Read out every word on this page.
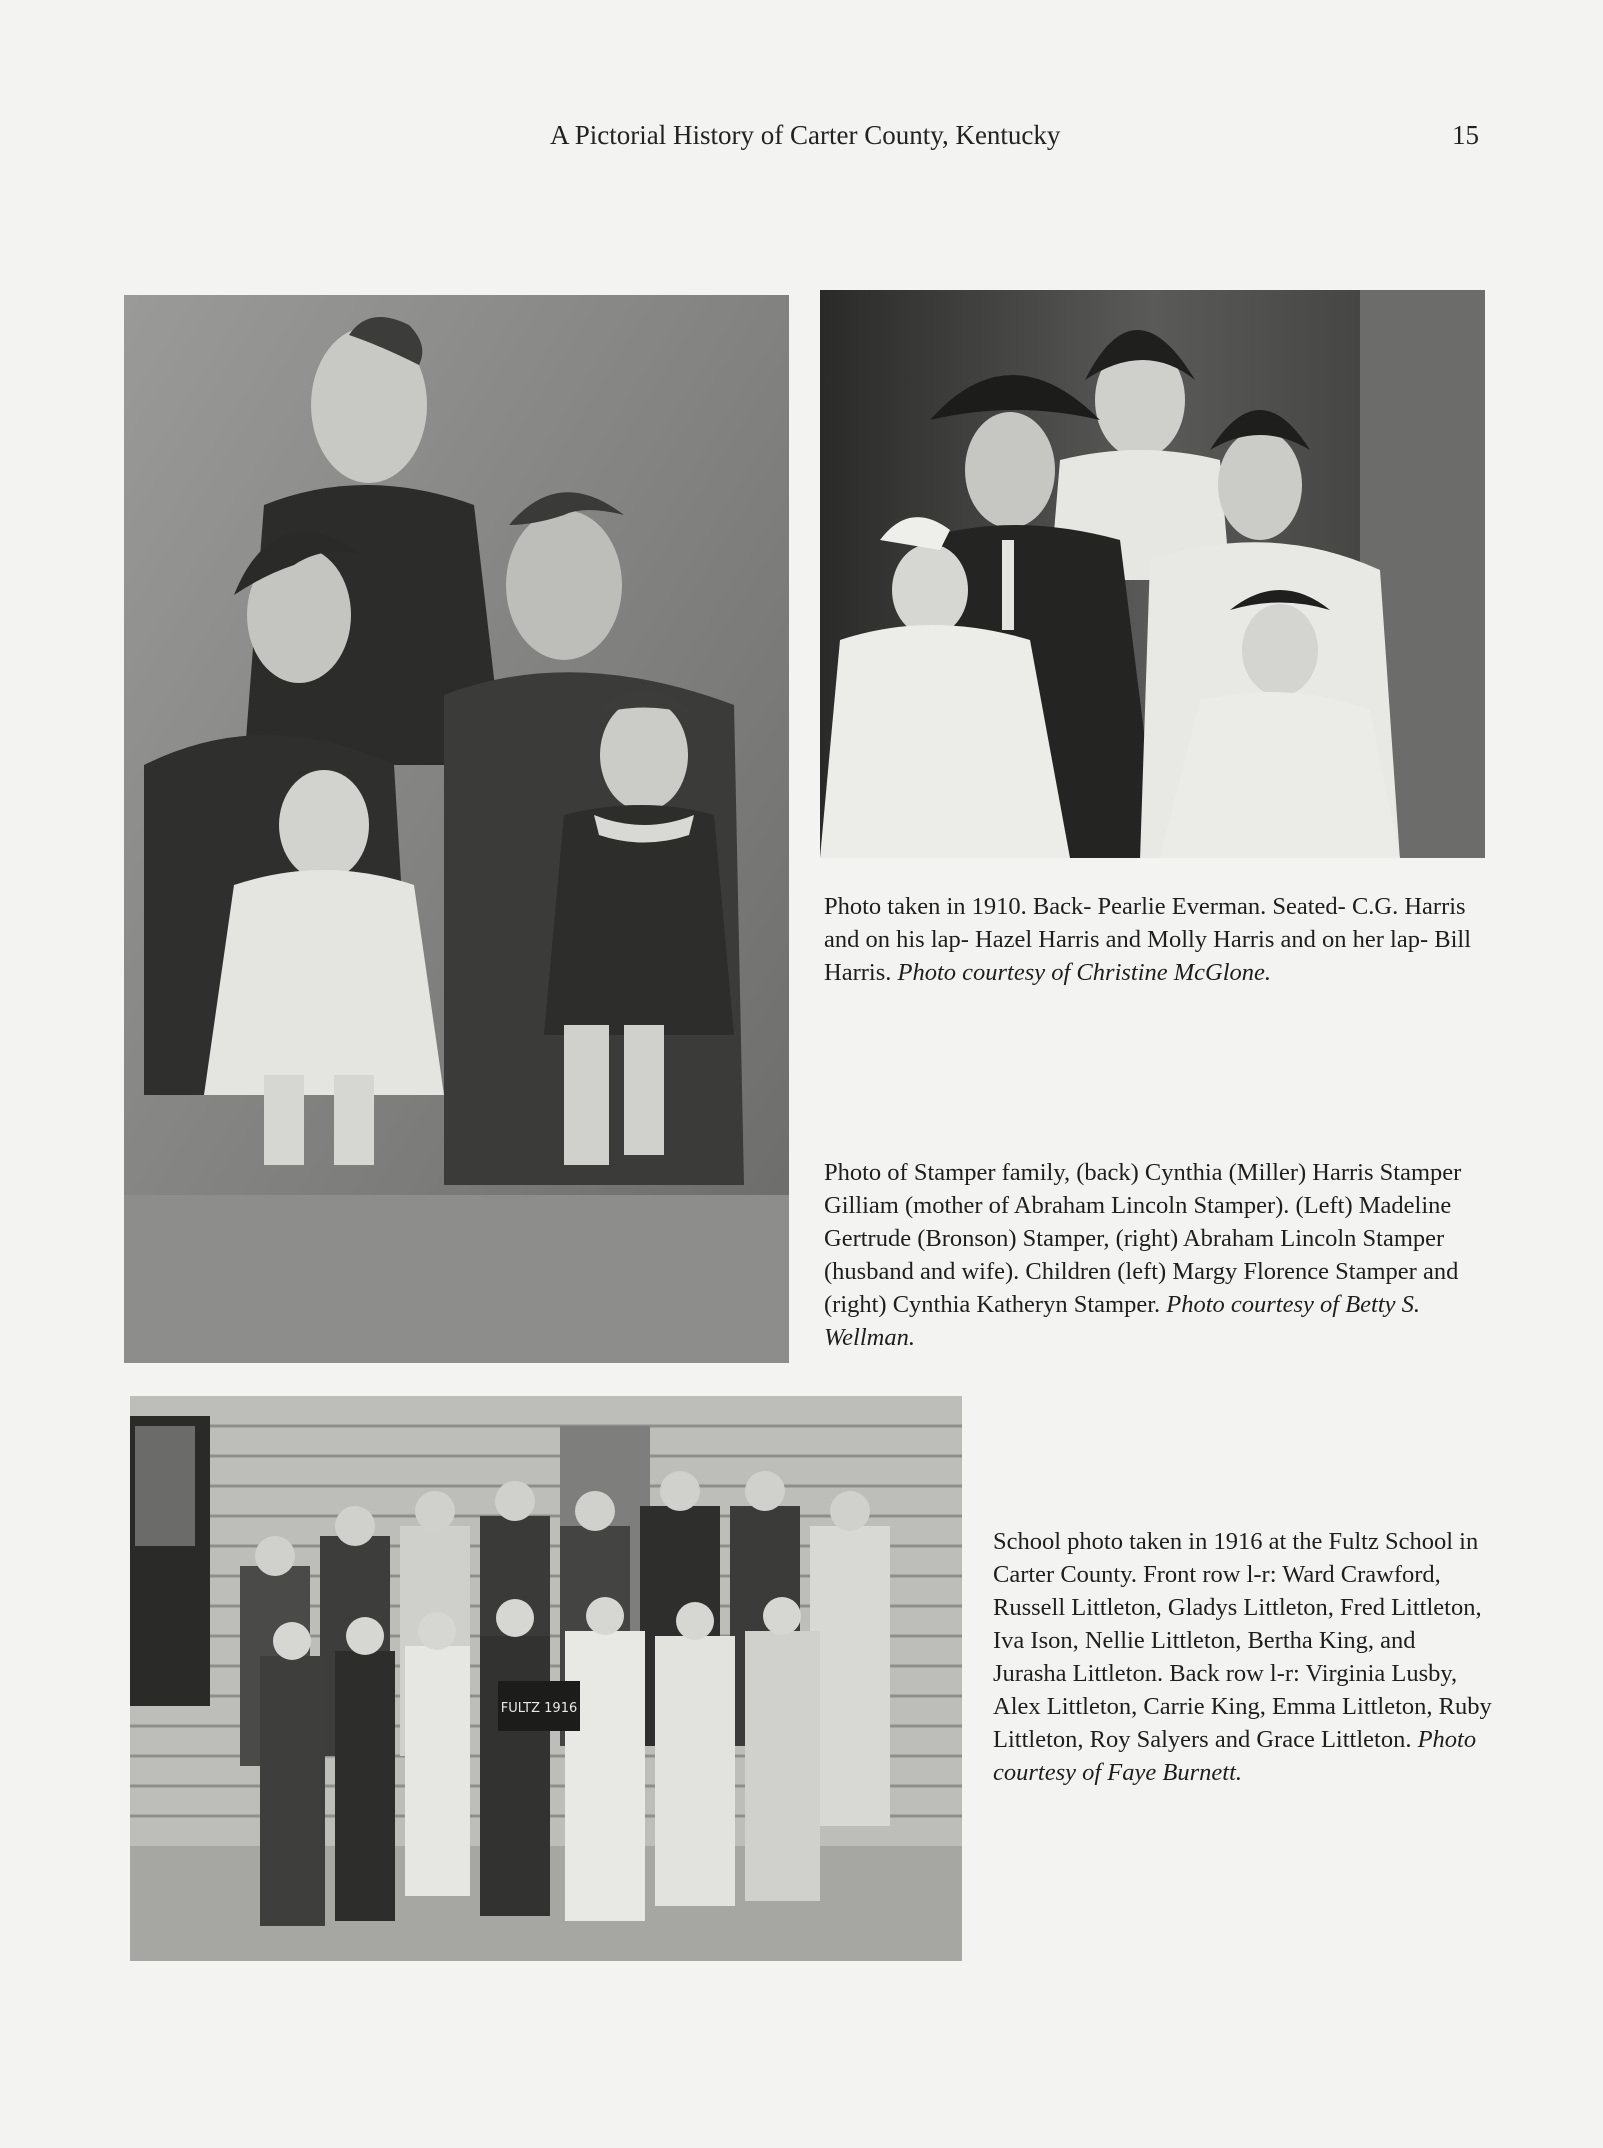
A Pictorial History of Carter County, Kentucky	15
Photo taken in 1910. Back- Pearlie Everman. Seated- C.G. Harris and on his lap- Hazel Harris and Molly Harris and on her lap- Bill Harris. Photo courtesy of Christine McGlone.
Photo of Stamper family, (back) Cynthia (Miller) Harris Stamper Gilliam (mother of Abraham Lincoln Stamper). (Left) Madeline Gertrude (Bronson) Stamper, (right) Abraham Lincoln Stamper (husband and wife). Children (left) Margy Florence Stamper and (right) Cynthia Katheryn Stamper. Photo courtesy of Betty S. Wellman.
FULTZ 1916
School photo taken in 1916 at the Fultz School in Carter County. Front row l-r: Ward Crawford, Russell Littleton, Gladys Littleton, Fred Littleton, Iva Ison, Nellie Littleton, Bertha King, and Jurasha Littleton. Back row l-r: Virginia Lusby, Alex Littleton, Carrie King, Emma Littleton, Ruby Littleton, Roy Salyers and Grace Littleton. Photo courtesy of Faye Burnett.
